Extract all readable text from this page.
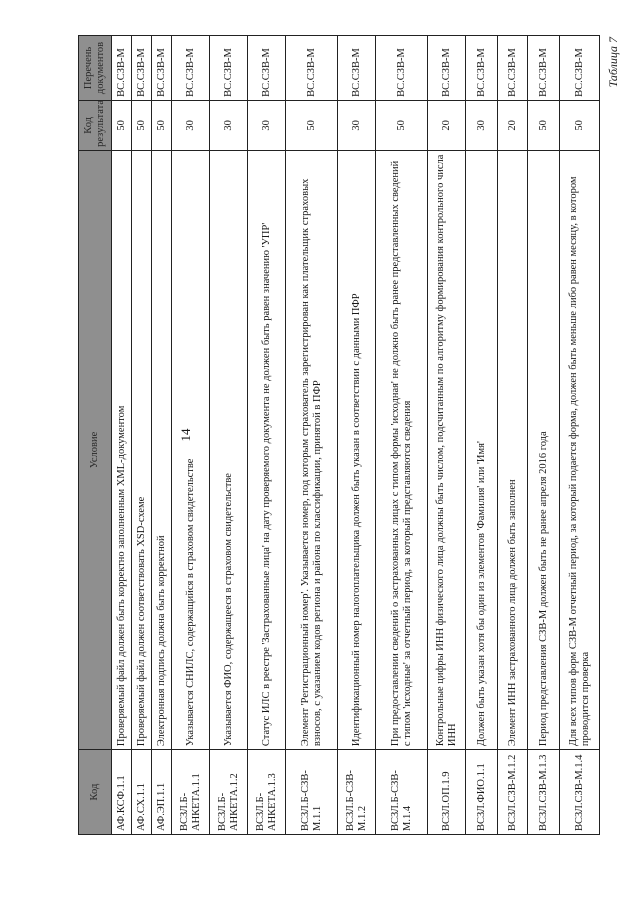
Код	Условие	Код результата	Перечень документов
АФ.КСФ.1.1	Проверяемый файл должен быть корректно заполненным XML-документом	50	ВС.СЗВ-М
АФ.СХ.1.1	Проверяемый файл должен соответствовать XSD-схеме	50	ВС.СЗВ-М
АФ.ЭП.1.1	Электронная подпись должна быть корректной	50	ВС.СЗВ-М
ВСЗЛ.Б-АНКЕТА.1.1	Указывается СНИЛС, содержащийся в страховом свидетельстве	30	ВС.СЗВ-М
ВСЗЛ.Б-АНКЕТА.1.2	Указывается ФИО, содержащееся в страховом свидетельстве	30	ВС.СЗВ-М
ВСЗЛ.Б-АНКЕТА.1.3	Статус ИЛС в реестре 'Застрахованные лица' на дату проверяемого документа не должен быть равен значению 'УПР'	30	ВС.СЗВ-М
ВСЗЛ.Б-СЗВ-М.1.1	Элемент 'Регистрационный номер'. Указывается номер, под которым страхователь зарегистрирован как плательщик страховых взносов, с указанием кодов региона и района по классификации, принятой в ПФР	50	ВС.СЗВ-М
ВСЗЛ.Б-СЗВ-М.1.2	Идентификационный номер налогоплательщика должен быть указан в соответствии с данными ПФР	30	ВС.СЗВ-М
ВСЗЛ.Б-СЗВ-М.1.4	При предоставлении сведений о застрахованных лицах с типом формы 'исходная' не должно быть ранее представленных сведений с типом 'исходные' за отчетный период, за который представляются сведения	50	ВС.СЗВ-М
ВСЗЛ.ОП.1.9	Контрольные цифры ИНН физического лица должны быть числом, подсчитанным по алгоритму формирования контрольного числа ИНН	20	ВС.СЗВ-М
ВСЗЛ.ФИО.1.1	Должен быть указан хотя бы один из элементов 'Фамилия' или 'Имя'	30	ВС.СЗВ-М
ВСЗЛ.СЗВ-М.1.2	Элемент ИНН застрахованного лица должен быть заполнен	20	ВС.СЗВ-М
ВСЗЛ.СЗВ-М.1.3	Период представления СЗВ-М должен быть не ранее апреля 2016 года	50	ВС.СЗВ-М
ВСЗЛ.СЗВ-М.1.4	Для всех типов форм СЗВ-М отчетный период, за который подается форма, должен быть меньше либо равен месяцу, в котором проводится проверка	50	ВС.СЗВ-М
14
Таблица 7
